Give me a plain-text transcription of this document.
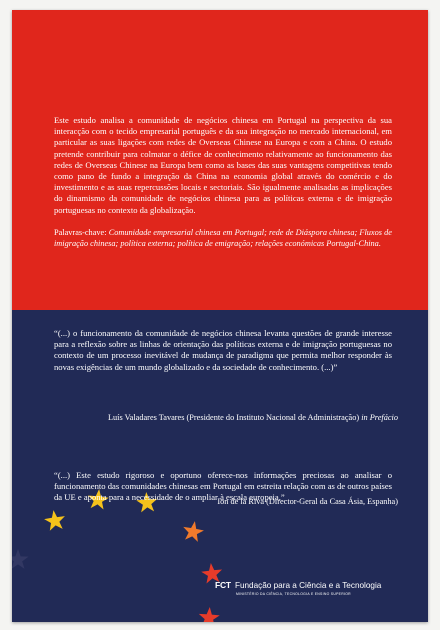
Este estudo analisa a comunidade de negócios chinesa em Portugal na perspectiva da sua interacção com o tecido empresarial português e da sua integração no mercado internacional, em particular as suas ligações com redes de Overseas Chinese na Europa e com a China. O estudo pretende contribuir para colmatar o défice de conhecimento relativamente ao funcionamento das redes de Overseas Chinese na Europa bem como as bases das suas vantagens competitivas tendo como pano de fundo a integração da China na economia global através do comércio e do investimento e as suas repercussões locais e sectoriais. São igualmente analisadas as implicações do dinamismo da comunidade de negócios chinesa para as políticas externa e de imigração portuguesas no contexto da globalização.

Palavras-chave: Comunidade empresarial chinesa em Portugal; rede de Diáspora chinesa; Fluxos de imigração chinesa; política externa; política de emigração; relações económicas Portugal-China.

“(...) o funcionamento da comunidade de negócios chinesa levanta questões de grande interesse para a reflexão sobre as linhas de orientação das políticas externa e de imigração portuguesas no contexto de um processo inevitável de mudança de paradigma que permita melhor responder às novas exigências de um mundo globalizado e da sociedade de conhecimento. (...)”

Luís Valadares Tavares (Presidente do Instituto Nacional de Administração) in Prefácio

“(...) Este estudo rigoroso e oportuno oferece-nos informações preciosas ao analisar o funcionamento das comunidades chinesas em Portugal em estreita relação com as de outros países da UE e aponta para a necessidade de o ampliar à escala europeia.”

Ion de la Riva (Director-Geral da Casa Ásia, Espanha)

FCT Fundação para a Ciência e a Tecnologia
MINISTÉRIO DA CIÊNCIA, TECNOLOGIA E ENSINO SUPERIOR
